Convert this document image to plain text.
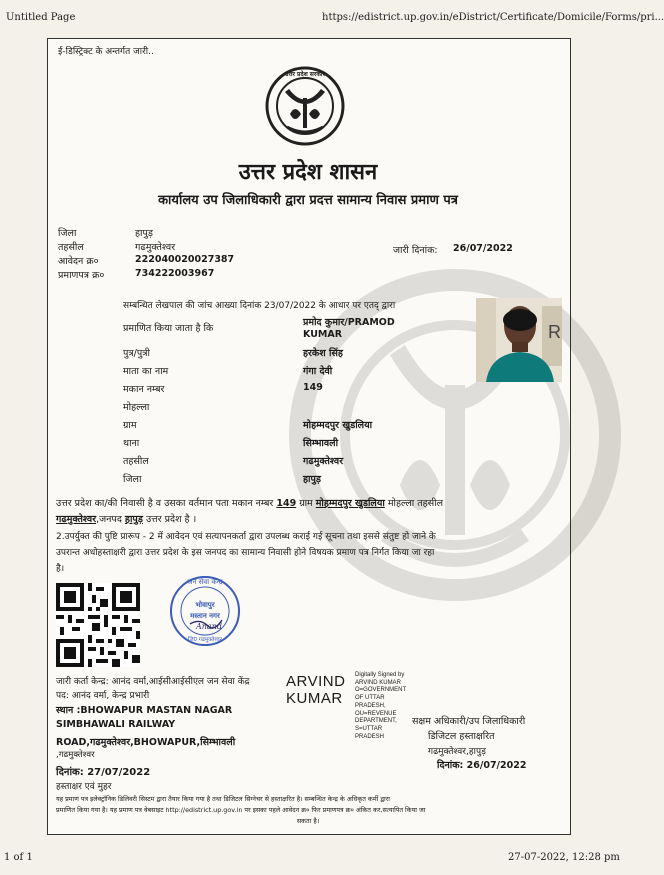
Untitled Page	https://edistrict.up.gov.in/eDistrict/Certificate/Domicile/Forms/pri...
1 of 1	27-07-2022, 12:28 pm
ई-डिस्ट्रिक्ट के अन्तर्गत जारी..
उत्तर प्रदेश सरकार
उत्तर प्रदेश शासन
कार्यालय उप जिलाधिकारी द्वारा प्रदत्त सामान्य निवास प्रमाण पत्र
जिला	हापुड़
तहसील	गढमुक्तेश्वर
आवेदन क्र०	222040020027387
प्रमाणपत्र क्र०	734222003967
जारी दिनांक: 26/07/2022
सम्बन्धित लेखपाल की जांच आख्या दिनांक 23/07/2022 के आधार पर एतद् द्वारा
प्रमाणित किया जाता है कि
प्रमोद कुमार/PRAMOD
KUMAR	R
पुत्र/पुत्री	हरकेश सिंह
माता का नाम	गंगा देवी
मकान नम्बर	149
मोहल्ला
ग्राम	मोहम्मदपुर खुडलिया
थाना	सिम्भावली
तहसील	गढमुक्तेश्वर
जिला	हापुड़
उत्तर प्रदेश का/की निवासी है व उसका वर्तमान पता मकान नम्बर 149 ग्राम मोहम्मदपुर खुडलिया मोहल्ला तहसील
गढमुक्तेश्वर,जनपद हापुड़ उत्तर प्रदेश है ।
2.उपर्युक्त की पुष्टि प्रारूप - 2 में आवेदन एवं सत्यापनकर्ता द्वारा उपलब्ध कराई गई सूचना तथा इससे संतुष्ट हो जाने के
उपरान्त अधोहस्ताक्षरी द्वारा उत्तर प्रदेश के इस जनपद का सामान्य निवासी होने विषयक प्रमाण पत्र निर्गत किया जा रहा
है।
जन सेवा केन्द्र
भोवापुर
मस्तान नगर
जि0 गढमुक्तेश्वर
Anand
जारी कर्ता केन्द्र: आनंद वर्मा,आईसीआईसीएल जन सेवा केंद्र
पद: आनंद वर्मा, केन्द्र प्रभारी
स्थान :BHOWAPUR MASTAN NAGAR
SIMBHAWALI RAILWAY
ROAD,गढमुक्तेश्वर,BHOWAPUR,सिम्भावली
,गढमुक्तेश्वर
दिनांक: 27/07/2022
हस्ताक्षर एवं मुहर
ARVIND
KUMAR
Digitally Signed by
ARVIND KUMAR
O=GOVERNMENT
OF UTTAR
PRADESH,
OU=REVENUE
DEPARTMENT,
S=UTTAR
PRADESH
सक्षम अधिकारी/उप जिलाधिकारी
डिजिटल हस्ताक्षरित
गढमुक्तेश्वर,हापुड़
दिनांक: 26/07/2022
यह प्रमाण पत्र इलेक्ट्रॉनिक डिलिवरी सिस्टम द्वारा तैयार किया गया है तथा डिजिटल सिग्नेचर से हस्ताक्षरित है। सम्बन्धित केन्द्र के अधिकृत कर्मी द्वारा
प्रमाणित किया गया है। यह प्रमाण पत्र वेबसाइट http://edistrict.up.gov.in पर इसका पहले आवेदन क्र० फिर प्रमाणपत्र क्र० अंकित कर,सत्यापित किया जा
सकता है।
